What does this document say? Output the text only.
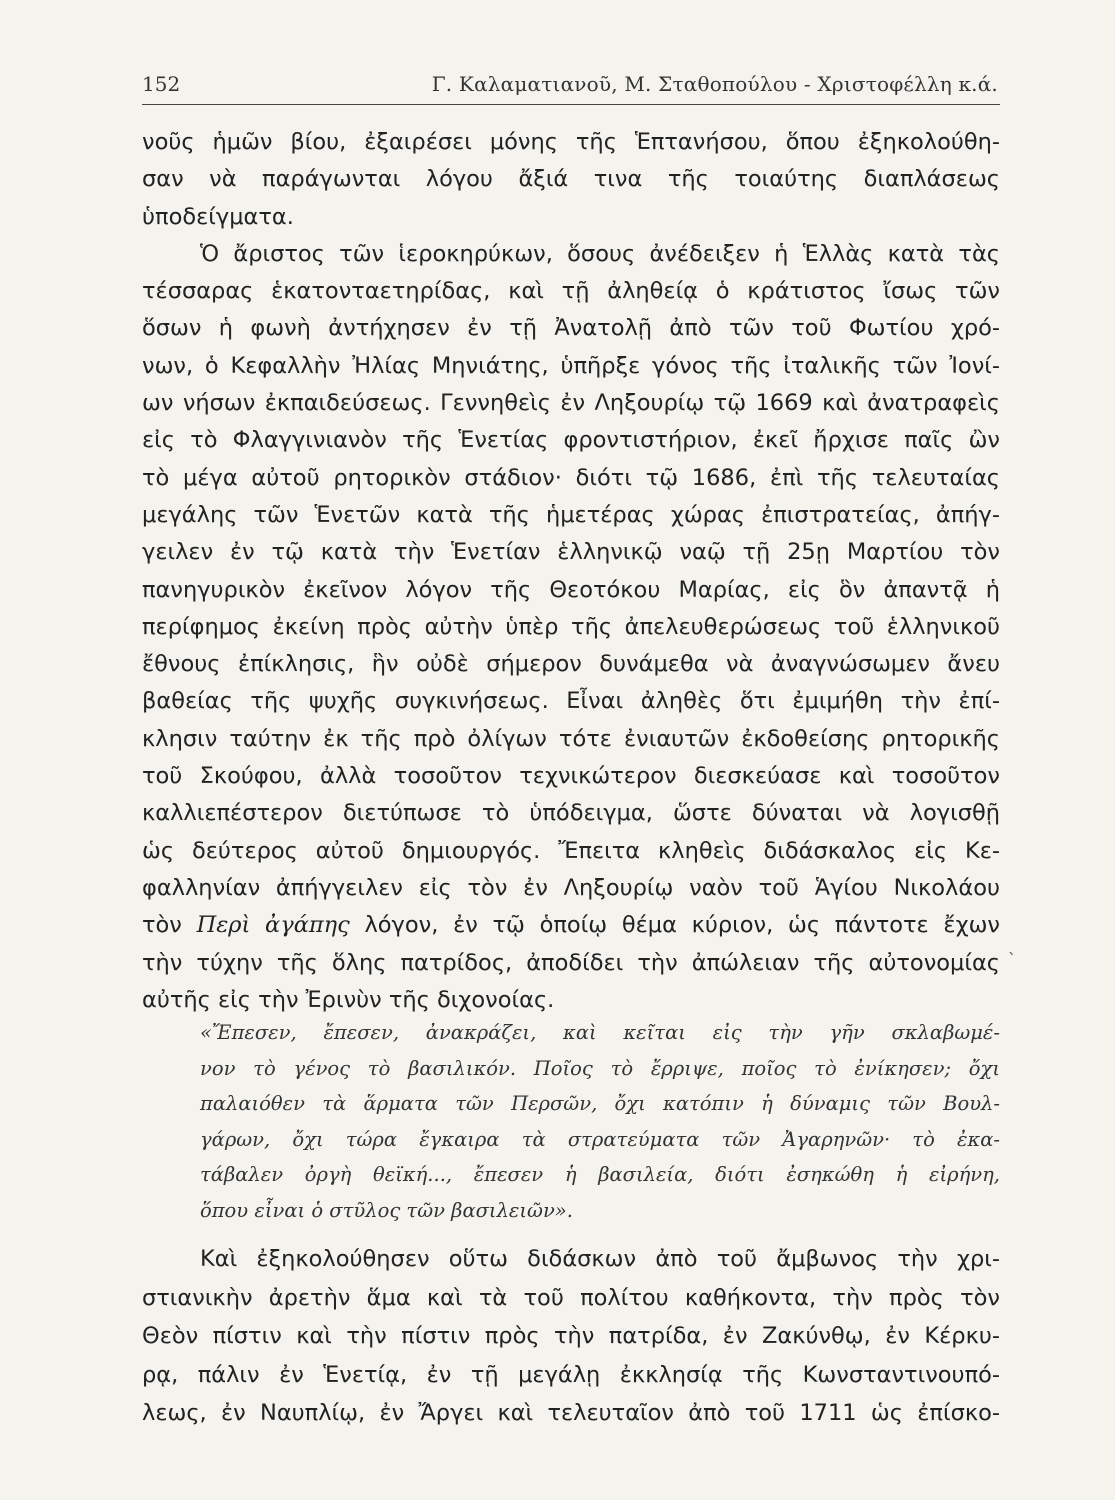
152	Γ. Καλαματιανοῦ, Μ. Σταθοπούλου - Χριστοφέλλη κ.ά.
νοῦς ἡμῶν βίου, ἐξαιρέσει μόνης τῆς Ἑπτανήσου, ὅπου ἐξηκολούθη-
σαν νὰ παράγωνται λόγου ἄξιά τινα τῆς τοιαύτης διαπλάσεως
ὑποδείγματα.
Ὁ ἄριστος τῶν ἱεροκηρύκων, ὅσους ἀνέδειξεν ἡ Ἑλλὰς κατὰ τὰς
τέσσαρας ἑκατονταετηρίδας, καὶ τῇ ἀληθείᾳ ὁ κράτιστος ἴσως τῶν
ὅσων ἡ φωνὴ ἀντήχησεν ἐν τῇ Ἀνατολῇ ἀπὸ τῶν τοῦ Φωτίου χρό-
νων, ὁ Κεφαλλὴν Ἠλίας Μηνιάτης, ὑπῆρξε γόνος τῆς ἰταλικῆς τῶν Ἰονί-
ων νήσων ἐκπαιδεύσεως. Γεννηθεὶς ἐν Ληξουρίῳ τῷ 1669 καὶ ἀνατραφεὶς
εἰς τὸ Φλαγγινιανὸν τῆς Ἑνετίας φροντιστήριον, ἐκεῖ ἤρχισε παῖς ὢν
τὸ μέγα αὐτοῦ ρητορικὸν στάδιον· διότι τῷ 1686, ἐπὶ τῆς τελευταίας
μεγάλης τῶν Ἑνετῶν κατὰ τῆς ἡμετέρας χώρας ἐπιστρατείας, ἀπήγ-
γειλεν ἐν τῷ κατὰ τὴν Ἑνετίαν ἑλληνικῷ ναῷ τῇ 25ῃ Μαρτίου τὸν
πανηγυρικὸν ἐκεῖνον λόγον τῆς Θεοτόκου Μαρίας, εἰς ὃν ἀπαντᾷ ἡ
περίφημος ἐκείνη πρὸς αὐτὴν ὑπὲρ τῆς ἀπελευθερώσεως τοῦ ἑλληνικοῦ
ἔθνους ἐπίκλησις, ἣν οὐδὲ σήμερον δυνάμεθα νὰ ἀναγνώσωμεν ἄνευ
βαθείας τῆς ψυχῆς συγκινήσεως. Εἶναι ἀληθὲς ὅτι ἐμιμήθη τὴν ἐπί-
κλησιν ταύτην ἐκ τῆς πρὸ ὀλίγων τότε ἐνιαυτῶν ἐκδοθείσης ρητορικῆς
τοῦ Σκούφου, ἀλλὰ τοσοῦτον τεχνικώτερον διεσκεύασε καὶ τοσοῦτον
καλλιεπέστερον διετύπωσε τὸ ὑπόδειγμα, ὥστε δύναται νὰ λογισθῇ
ὡς δεύτερος αὐτοῦ δημιουργός. Ἔπειτα κληθεὶς διδάσκαλος εἰς Κε-
φαλληνίαν ἀπήγγειλεν εἰς τὸν ἐν Ληξουρίῳ ναὸν τοῦ Ἁγίου Νικολάου
τὸν Περὶ ἀγάπης λόγον, ἐν τῷ ὁποίῳ θέμα κύριον, ὡς πάντοτε ἔχων
τὴν τύχην τῆς ὅλης πατρίδος, ἀποδίδει τὴν ἀπώλειαν τῆς αὐτονομίας
αὐτῆς εἰς τὴν Ἐρινὺν τῆς διχονοίας.
ˎ
«Ἔπεσεν, ἔπεσεν, ἀνακράζει, καὶ κεῖται εἰς τὴν γῆν σκλαβωμέ-
νον τὸ γένος τὸ βασιλικόν. Ποῖος τὸ ἔρριψε, ποῖος τὸ ἐνίκησεν; ὄχι
παλαιόθεν τὰ ἅρματα τῶν Περσῶν, ὄχι κατόπιν ἡ δύναμις τῶν Βουλ-
γάρων, ὄχι τώρα ἔγκαιρα τὰ στρατεύματα τῶν Ἀγαρηνῶν· τὸ ἐκα-
τάβαλεν ὀργὴ θεϊκή..., ἔπεσεν ἡ βασιλεία, διότι ἐσηκώθη ἡ εἰρήνη,
ὅπου εἶναι ὁ στῦλος τῶν βασιλειῶν».
Καὶ ἐξηκολούθησεν οὕτω διδάσκων ἀπὸ τοῦ ἄμβωνος τὴν χρι-
στιανικὴν ἀρετὴν ἅμα καὶ τὰ τοῦ πολίτου καθήκοντα, τὴν πρὸς τὸν
Θεὸν πίστιν καὶ τὴν πίστιν πρὸς τὴν πατρίδα, ἐν Ζακύνθῳ, ἐν Κέρκυ-
ρᾳ, πάλιν ἐν Ἑνετίᾳ, ἐν τῇ μεγάλῃ ἐκκλησίᾳ τῆς Κωνσταντινουπό-
λεως, ἐν Ναυπλίῳ, ἐν Ἄργει καὶ τελευταῖον ἀπὸ τοῦ 1711 ὡς ἐπίσκο-
